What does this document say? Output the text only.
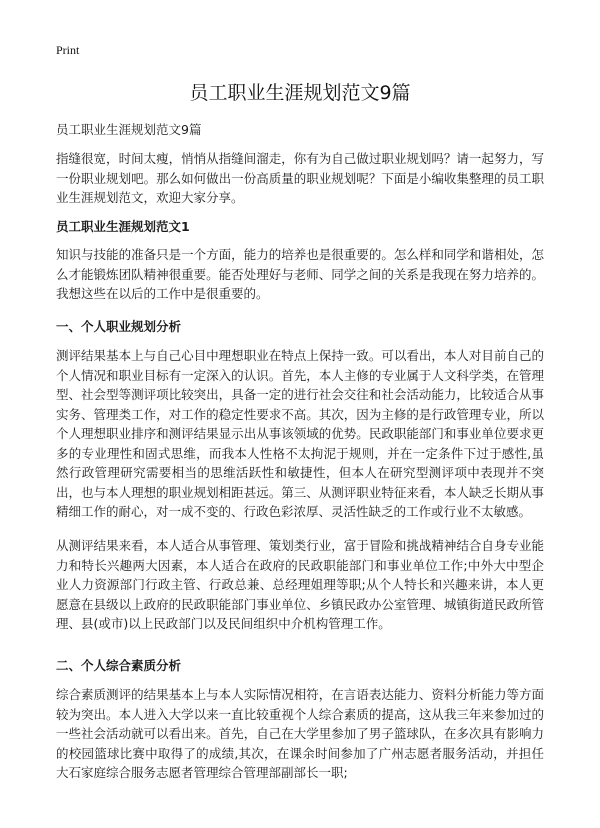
Print
员工职业生涯规划范文9篇

员工职业生涯规划范文9篇

指缝很宽，时间太瘦，悄悄从指缝间溜走，你有为自己做过职业规划吗？请一起努力，写一份职业规划吧。那么如何做出一份高质量的职业规划呢？下面是小编收集整理的员工职业生涯规划范文，欢迎大家分享。

员工职业生涯规划范文1

知识与技能的准备只是一个方面，能力的培养也是很重要的。怎么样和同学和谐相处，怎么才能锻炼团队精神很重要。能否处理好与老师、同学之间的关系是我现在努力培养的。我想这些在以后的工作中是很重要的。

一、个人职业规划分析

测评结果基本上与自己心目中理想职业在特点上保持一致。可以看出，本人对目前自己的个人情况和职业目标有一定深入的认识。首先，本人主修的专业属于人文科学类，在管理型、社会型等测评项比较突出，具备一定的进行社会交往和社会活动能力，比较适合从事实务、管理类工作，对工作的稳定性要求不高。其次，因为主修的是行政管理专业，所以个人理想职业排序和测评结果显示出从事该领域的优势。民政职能部门和事业单位要求更多的专业理性和固式思维，而我本人性格不太拘泥于规则，并在一定条件下过于感性,虽然行政管理研究需要相当的思维活跃性和敏捷性，但本人在研究型测评项中表现并不突出，也与本人理想的职业规划相距甚远。第三、从测评职业特征来看，本人缺乏长期从事精细工作的耐心，对一成不变的、行政色彩浓厚、灵活性缺乏的工作或行业不太敏感。

从测评结果来看，本人适合从事管理、策划类行业，富于冒险和挑战精神结合自身专业能力和特长兴趣两大因素，本人适合在政府的民政职能部门和事业单位工作;中外大中型企业人力资源部门行政主管、行政总兼、总经理姐理等职;从个人特长和兴趣来讲，本人更愿意在县级以上政府的民政职能部门事业单位、乡镇民政办公室管理、城镇街道民政所管理、县(或市)以上民政部门以及民间组织中介机构管理工作。

二、个人综合素质分析

综合素质测评的结果基本上与本人实际情况相符，在言语表达能力、资料分析能力等方面较为突出。本人进入大学以来一直比较重视个人综合素质的提高，这从我三年来参加过的一些社会活动就可以看出来。首先，自己在大学里参加了男子篮球队，在多次具有影响力的校园篮球比赛中取得了的成绩,其次，在课余时间参加了广州志愿者服务活动，并担任大石家庭综合服务志愿者管理综合管理部副部长一职;
